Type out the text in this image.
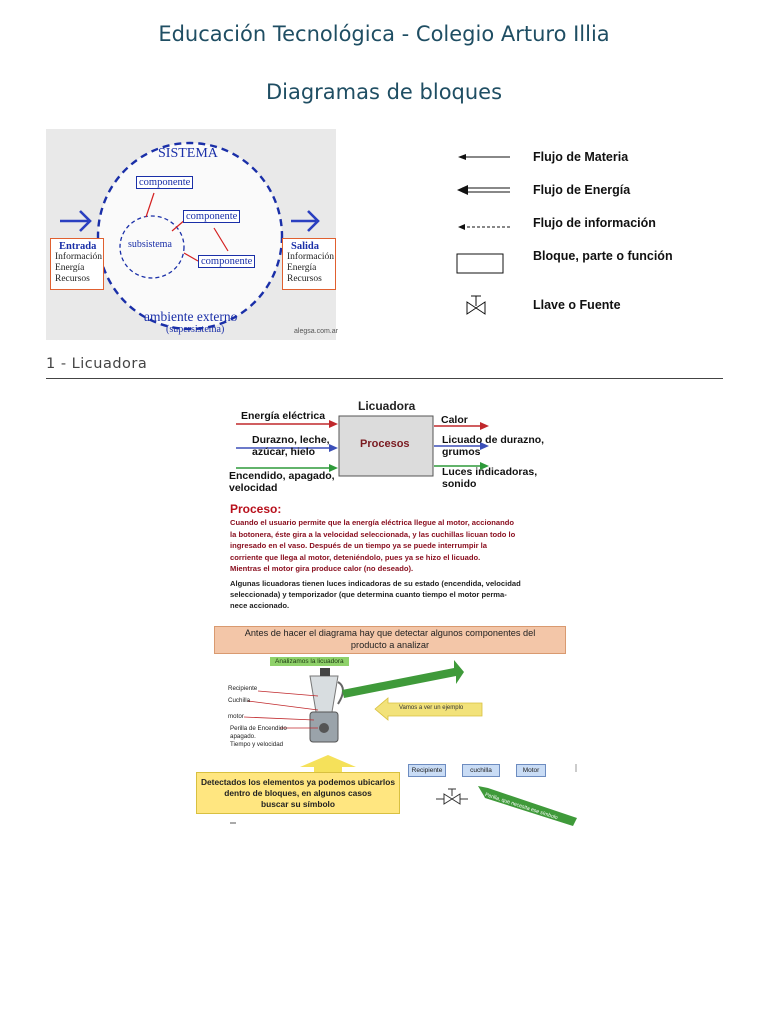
Educación Tecnológica - Colegio Arturo Illia
Diagramas de bloques
SISTEMA
componente
componente
componente
subsistema
Entrada
Información
Energía
Recursos
Salida
Información
Energía
Recursos
ambiente externo
(supersistema)	alegsa.com.ar
Flujo de Materia
Flujo de Energía
Flujo de información
Bloque, parte o función
Llave o Fuente
1 - Licuadora
Licuadora
Procesos
Energía eléctrica
Durazno, leche,
azúcar, hielo
Encendido, apagado,
velocidad
Calor
Licuado de durazno,
grumos
Luces indicadoras,
sonido
Proceso:
Cuando el usuario permite que la energía eléctrica llegue al motor, accionando
la botonera, éste gira a la velocidad seleccionada, y las cuchillas licuan todo lo
ingresado en el vaso. Después de un tiempo ya se puede interrumpir la
corriente que llega al motor, deteniéndolo, pues ya se hizo el licuado.
Mientras el motor gira produce calor (no deseado).
Algunas licuadoras tienen luces indicadoras de su estado (encendida, velocidad
seleccionada) y temporizador (que determina cuanto tiempo el motor perma-
nece accionado.
Antes de hacer el diagrama hay que detectar algunos componentes del
producto a analizar
Analizamos la licuadora	Ahora detectemos algunas partes
Vamos a ver un ejemplo
Recipiente
Cuchilla
motor
Perilla de Encendido
apagado.
Tiempo y velocidad
Detectados los elementos ya podemos ubicarlos
dentro de bloques, en algunos casos
buscar su símbolo
Recipiente	cuchilla	Motor
Perilla, que necesita ese símbolo
